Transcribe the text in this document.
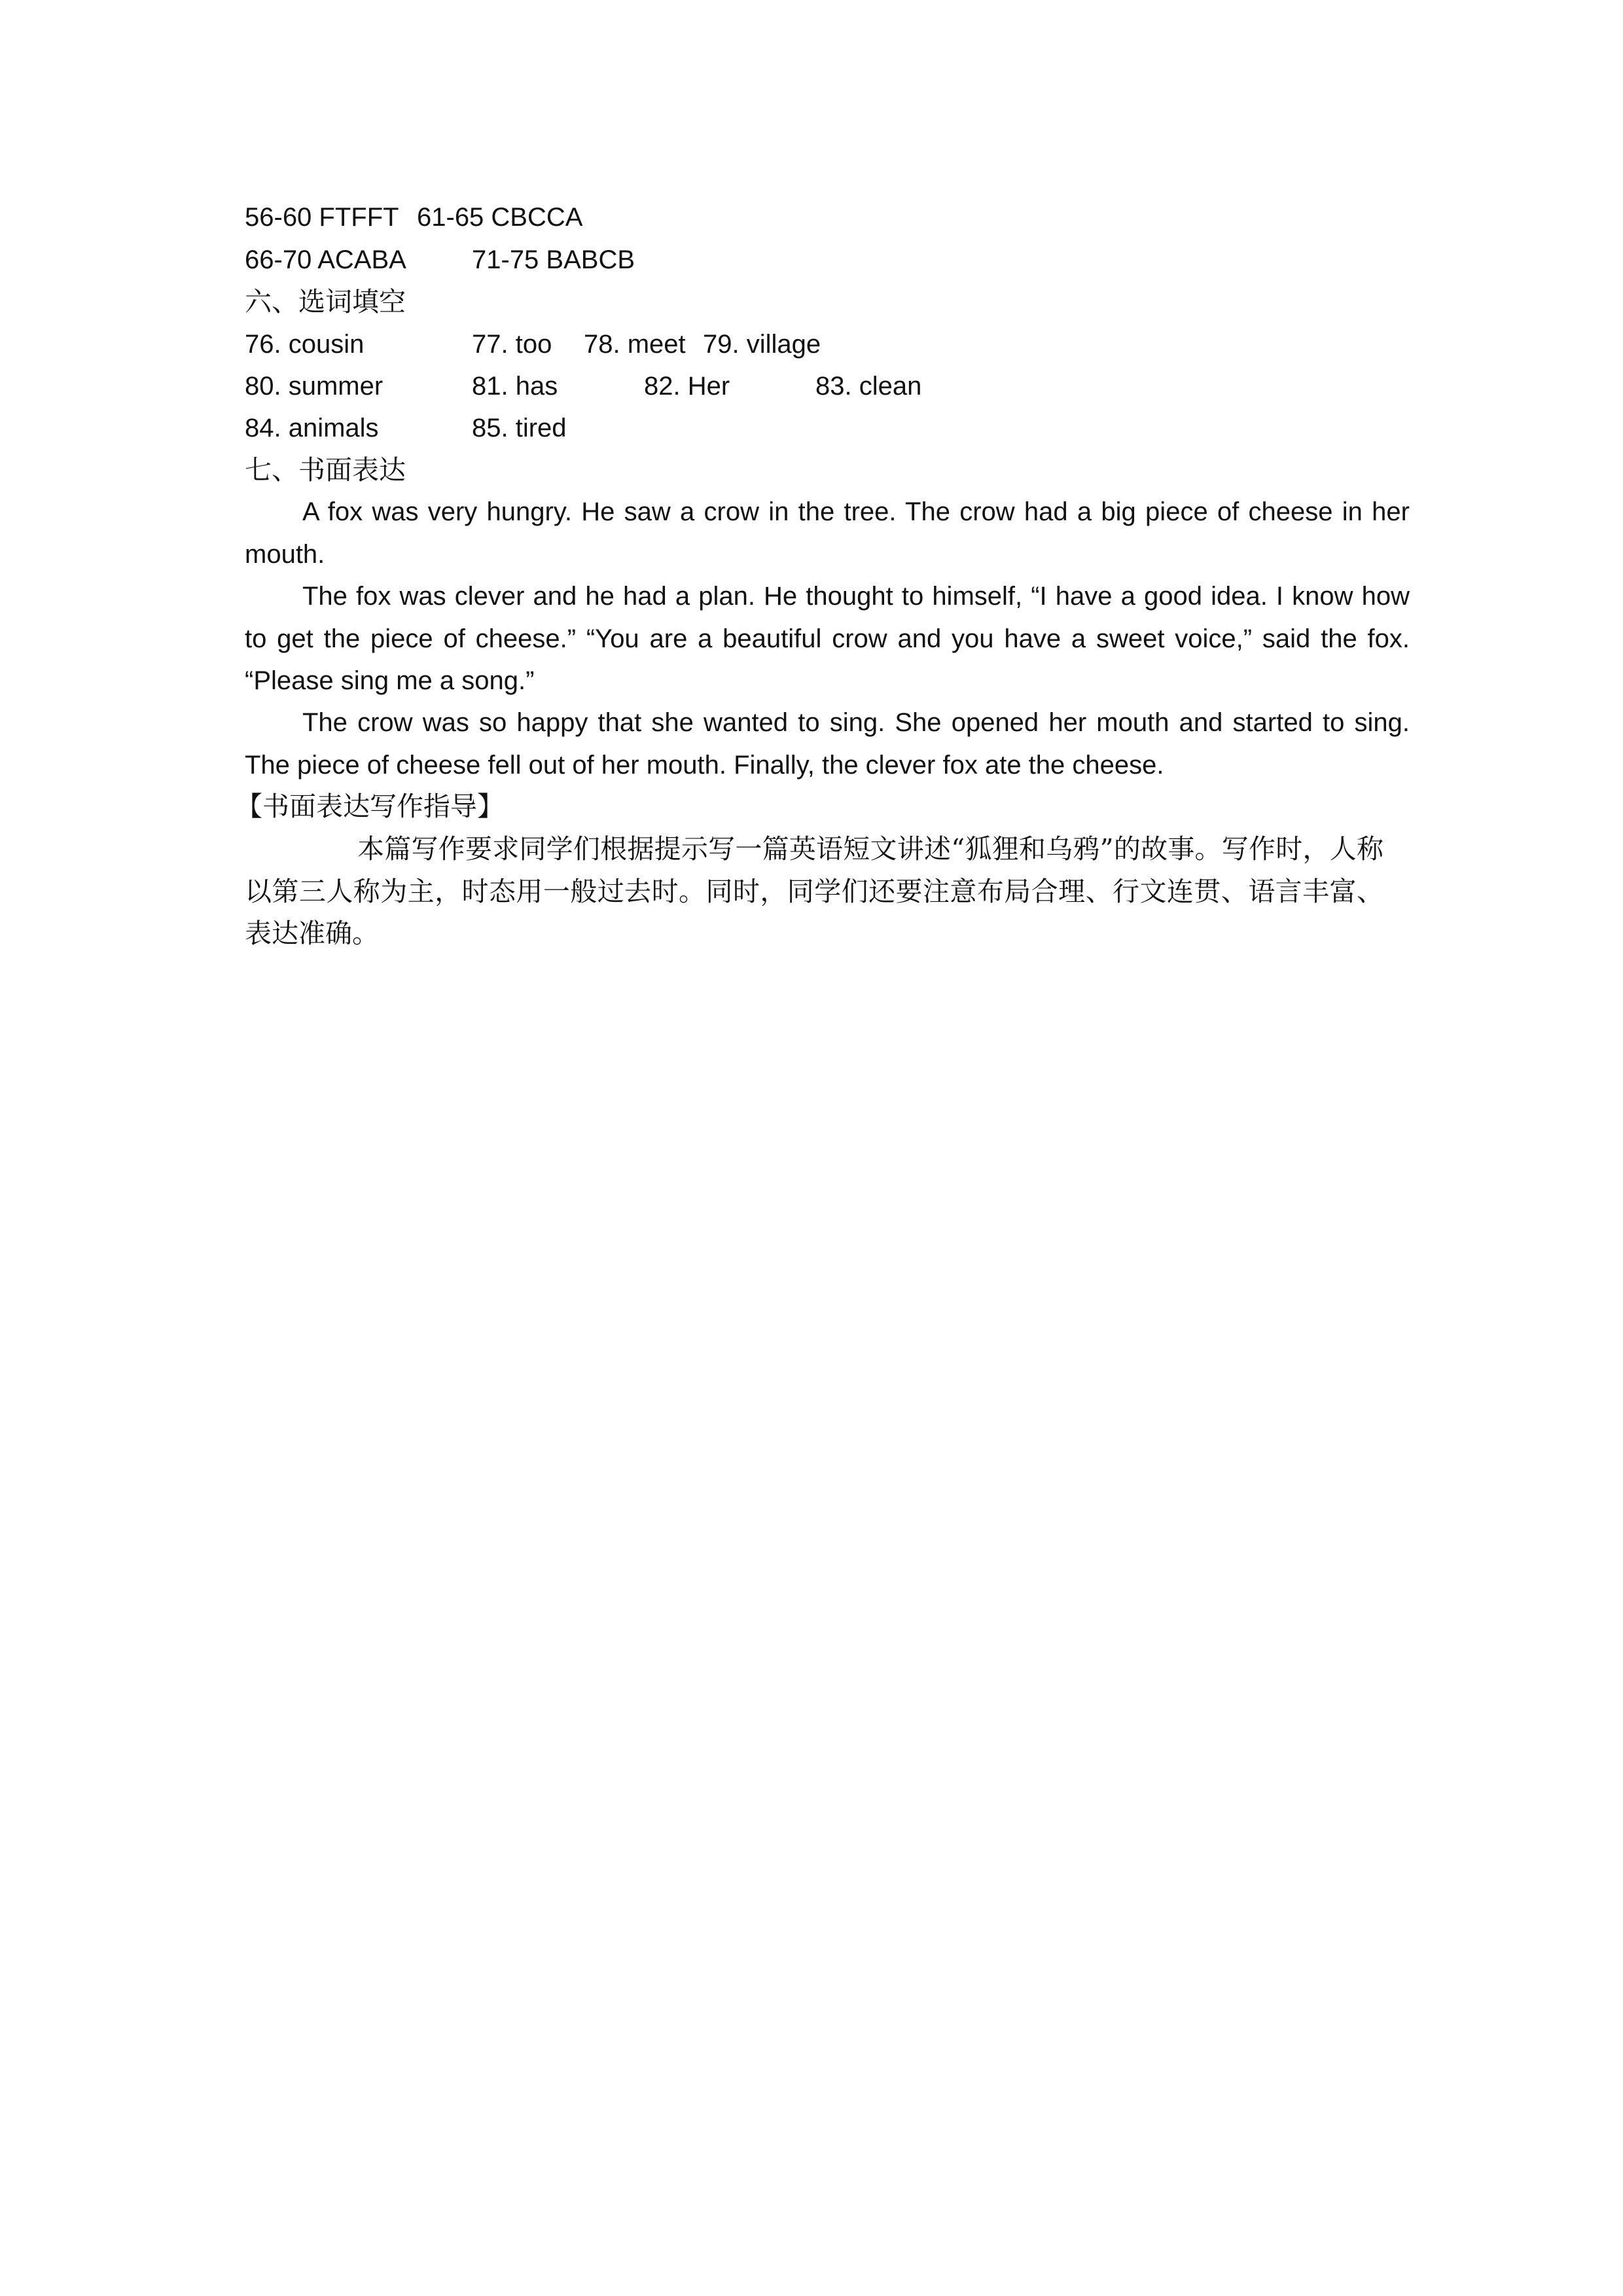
56-60 FTFFT 61-65 CBCCA
66-70 ACABA	71-75 BABCB
六、选词填空
76. cousin	77. too 78. meet 79. village
80. summer	81. has	82. Her	83. clean
84. animals	85. tired
七、书面表达

A fox was very hungry. He saw a crow in the tree. The crow had a big piece of cheese in her mouth.

The fox was clever and he had a plan. He thought to himself, “I have a good idea. I know how to get the piece of cheese.” “You are a beautiful crow and you have a sweet voice,” said the fox. “Please sing me a song.”

The crow was so happy that she wanted to sing. She opened her mouth and started to sing. The piece of cheese fell out of her mouth. Finally, the clever fox ate the cheese.

【书面表达写作指导】

本篇写作要求同学们根据提示写一篇英语短文讲述“狐狸和乌鸦”的故事。写作时，人称以第三人称为主，时态用一般过去时。同时，同学们还要注意布局合理、行文连贯、语言丰富、表达准确。
